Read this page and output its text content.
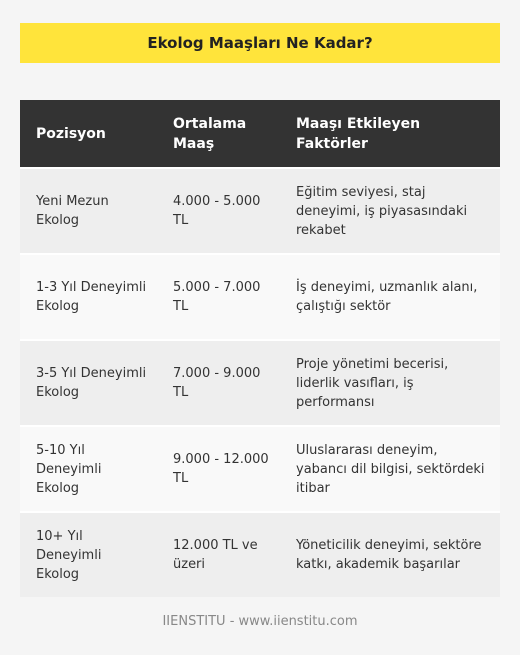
Ekolog Maaşları Ne Kadar?
Pozisyon	Ortalama Maaş	Maaşı Etkileyen Faktörler
Yeni Mezun Ekolog	4.000 - 5.000 TL	Eğitim seviyesi, staj deneyimi, iş piyasasındaki rekabet
1-3 Yıl Deneyimli Ekolog	5.000 - 7.000 TL	İş deneyimi, uzmanlık alanı, çalıştığı sektör
3-5 Yıl Deneyimli Ekolog	7.000 - 9.000 TL	Proje yönetimi becerisi, liderlik vasıfları, iş performansı
5-10 Yıl Deneyimli Ekolog	9.000 - 12.000 TL	Uluslararası deneyim, yabancı dil bilgisi, sektördeki itibar
10+ Yıl Deneyimli Ekolog	12.000 TL ve üzeri	Yöneticilik deneyimi, sektöre katkı, akademik başarılar
IIENSTITU - www.iienstitu.com
